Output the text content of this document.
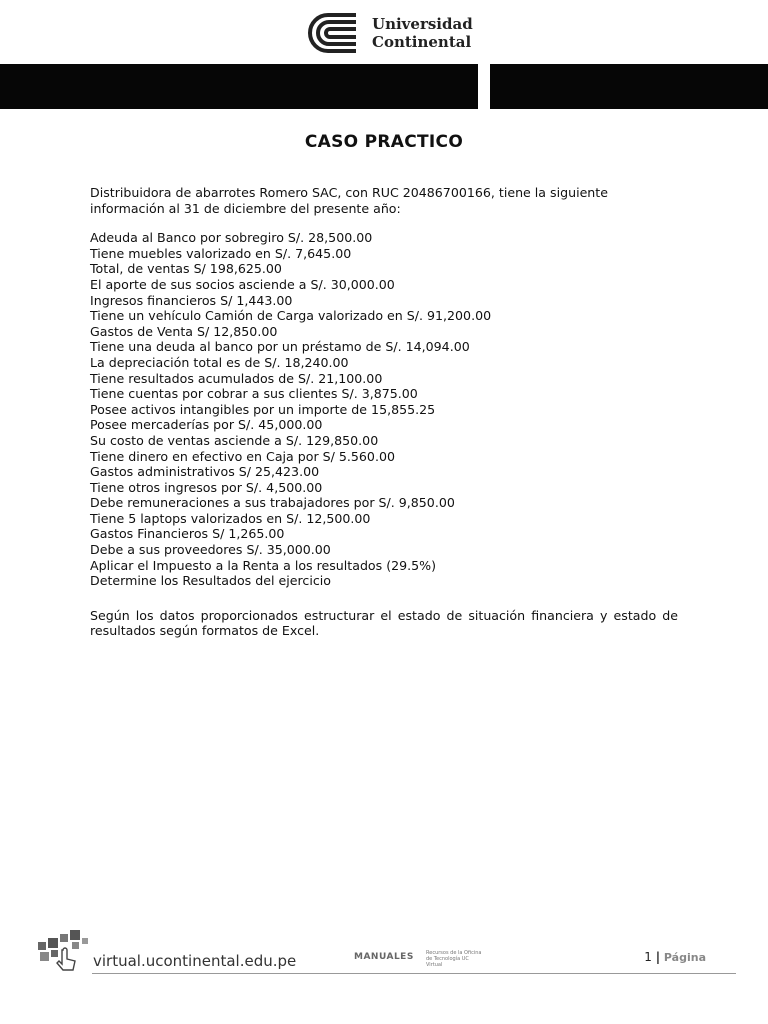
Universidad
Continental
CASO PRACTICO

Distribuidora de abarrotes Romero SAC, con RUC 20486700166, tiene la siguiente información al 31 de diciembre del presente año:

Adeuda al Banco por sobregiro S/. 28,500.00
Tiene muebles valorizado en S/. 7,645.00
Total, de ventas S/ 198,625.00
El aporte de sus socios asciende a S/. 30,000.00
Ingresos financieros S/ 1,443.00
Tiene un vehículo Camión de Carga valorizado en S/. 91,200.00
Gastos de Venta S/ 12,850.00
Tiene una deuda al banco por un préstamo de S/. 14,094.00
La depreciación total es de S/. 18,240.00
Tiene resultados acumulados de S/. 21,100.00
Tiene cuentas por cobrar a sus clientes S/. 3,875.00
Posee activos intangibles por un importe de 15,855.25
Posee mercaderías por S/. 45,000.00
Su costo de ventas asciende a S/. 129,850.00
Tiene dinero en efectivo en Caja por S/ 5.560.00
Gastos administrativos S/ 25,423.00
Tiene otros ingresos por S/. 4,500.00
Debe remuneraciones a sus trabajadores por S/. 9,850.00
Tiene 5 laptops valorizados en S/. 12,500.00
Gastos Financieros S/ 1,265.00
Debe a sus proveedores S/. 35,000.00
Aplicar el Impuesto a la Renta a los resultados (29.5%)
Determine los Resultados del ejercicio

Según los datos proporcionados estructurar el estado de situación financiera y estado de resultados según formatos de Excel.

virtual.ucontinental.edu.pe	MANUALES Recursos de la Oficina de Tecnología UC Virtual
1 | Página
